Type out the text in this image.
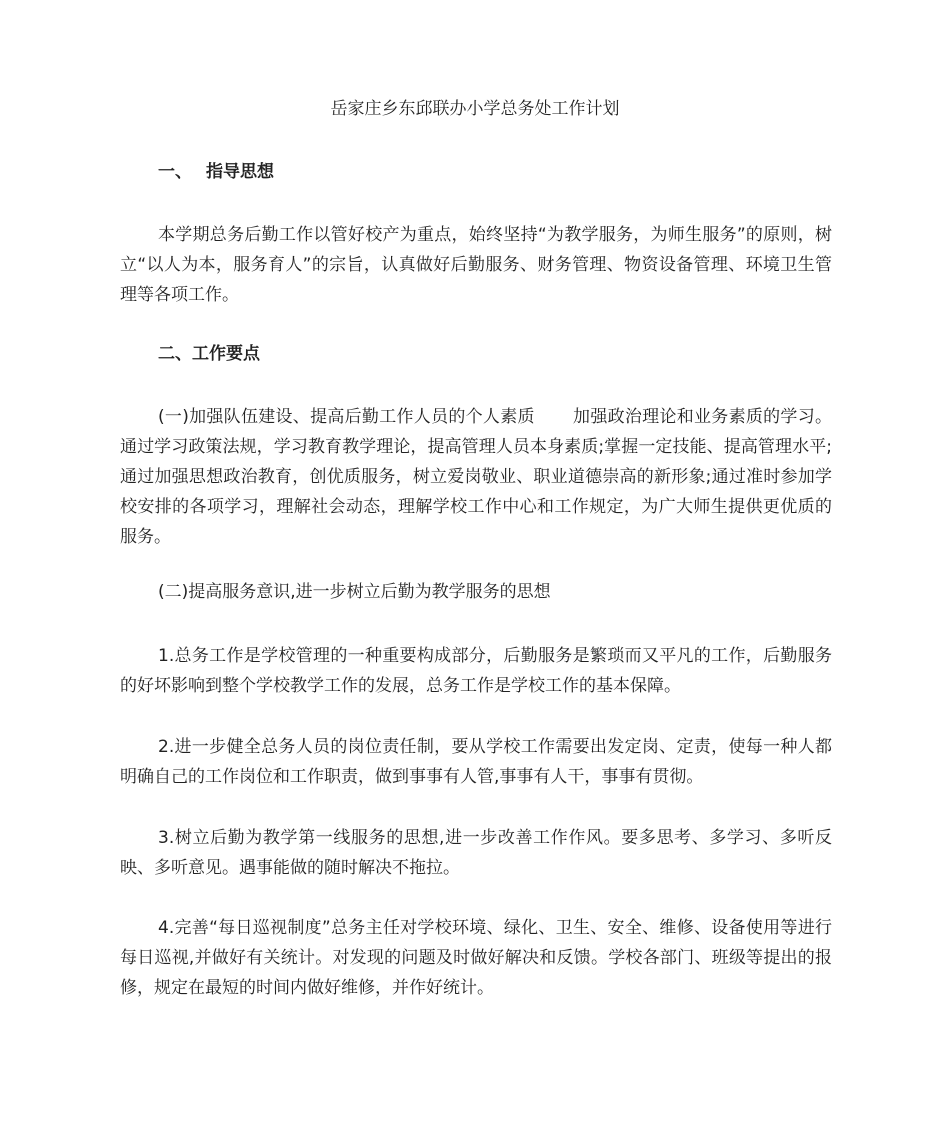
岳家庄乡东邱联办小学总务处工作计划
一、 指导思想

本学期总务后勤工作以管好校产为重点，始终坚持“为教学服务，为师生服务”的原则，树立“以人为本，服务育人”的宗旨，认真做好后勤服务、财务管理、物资设备管理、环境卫生管理等各项工作。

二、工作要点

(一)加强队伍建设、提高后勤工作人员的个人素质 加强政治理论和业务素质的学习。通过学习政策法规，学习教育教学理论，提高管理人员本身素质;掌握一定技能、提高管理水平;通过加强思想政治教育，创优质服务，树立爱岗敬业、职业道德崇高的新形象;通过准时参加学校安排的各项学习，理解社会动态，理解学校工作中心和工作规定，为广大师生提供更优质的服务。

(二)提高服务意识,进一步树立后勤为教学服务的思想

1.总务工作是学校管理的一种重要构成部分，后勤服务是繁琐而又平凡的工作，后勤服务的好坏影响到整个学校教学工作的发展，总务工作是学校工作的基本保障。

2.进一步健全总务人员的岗位责任制，要从学校工作需要出发定岗、定责，使每一种人都明确自己的工作岗位和工作职责，做到事事有人管,事事有人干，事事有贯彻。

3.树立后勤为教学第一线服务的思想,进一步改善工作作风。要多思考、多学习、多听反映、多听意见。遇事能做的随时解决不拖拉。

4.完善“每日巡视制度”总务主任对学校环境、绿化、卫生、安全、维修、设备使用等进行每日巡视,并做好有关统计。对发现的问题及时做好解决和反馈。学校各部门、班级等提出的报修，规定在最短的时间内做好维修，并作好统计。
